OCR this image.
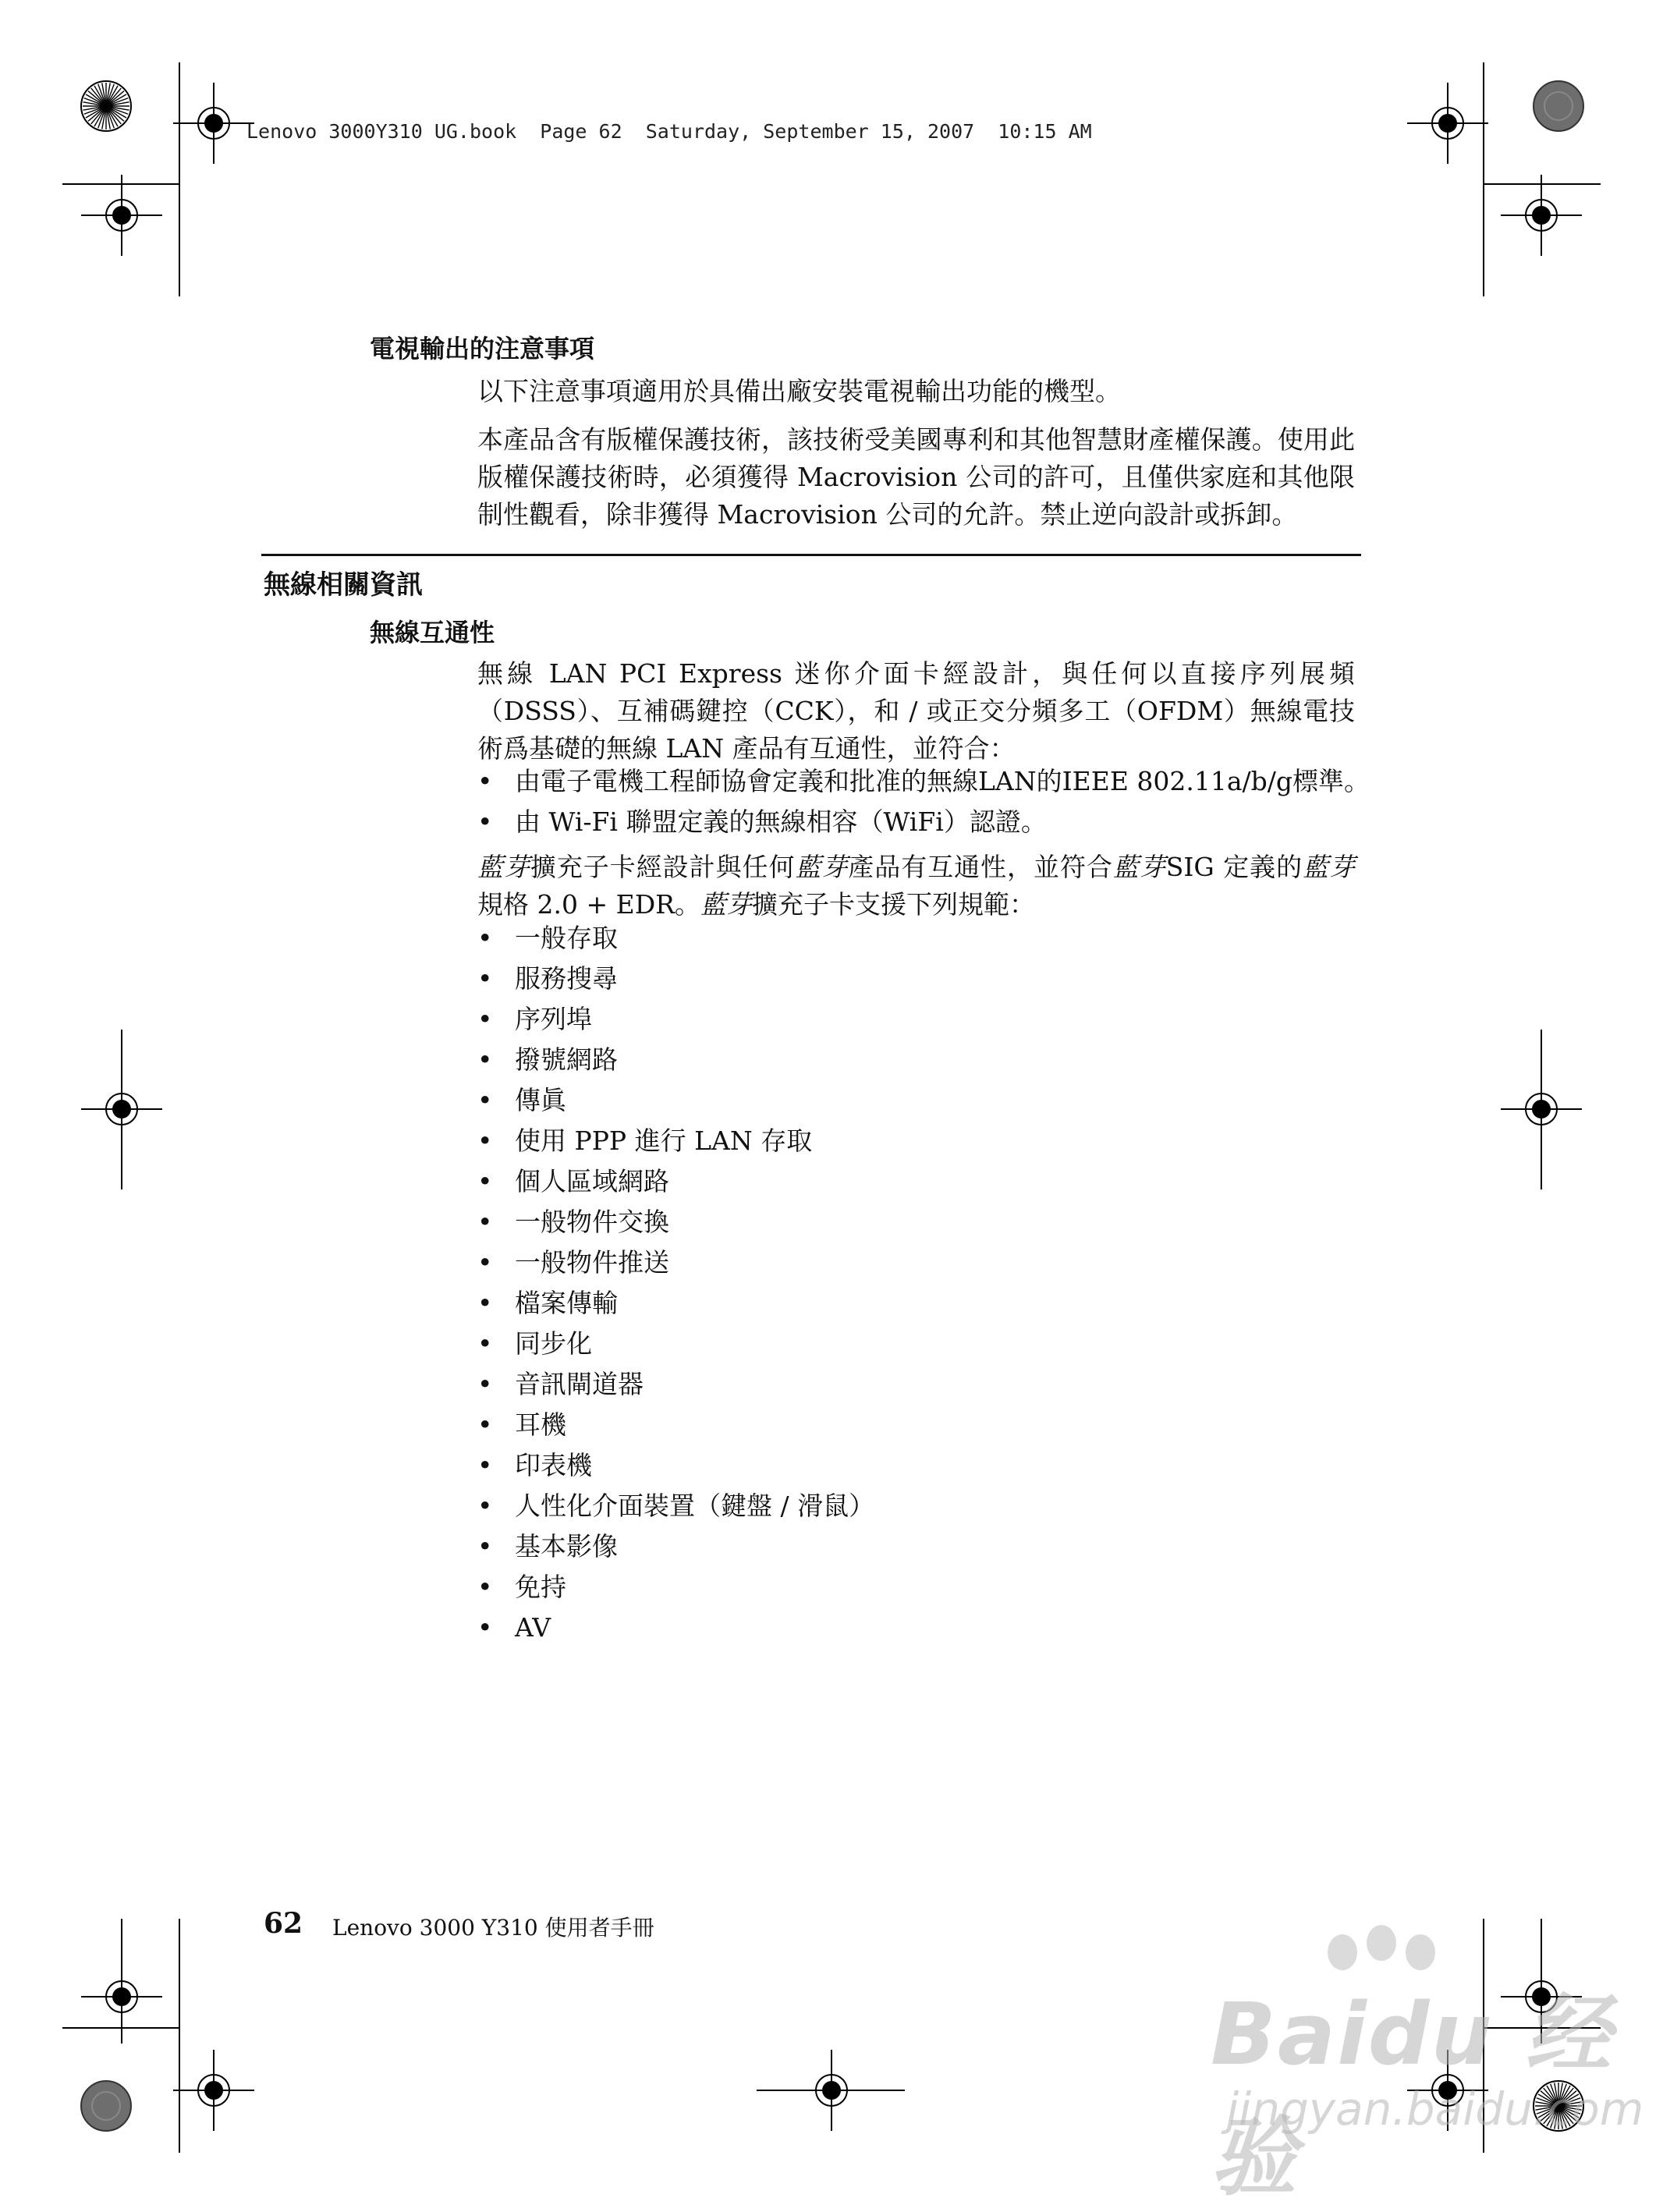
Lenovo 3000Y310 UG.book  Page 62  Saturday, September 15, 2007  10:15 AM
電視輸出的注意事項
以下注意事項適用於具備出廠安裝電視輸出功能的機型。
本產品含有版權保護技術，該技術受美國專利和其他智慧財產權保護。使用此版權保護技術時，必須獲得 Macrovision 公司的許可，且僅供家庭和其他限制性觀看，除非獲得 Macrovision 公司的允許。禁止逆向設計或拆卸。
無線相關資訊
無線互通性
無線 LAN PCI Express 迷你介面卡經設計，與任何以直接序列展頻（DSSS）、互補碼鍵控（CCK），和 / 或正交分頻多工（OFDM）無線電技術爲基礎的無線 LAN 產品有互通性，並符合：
• 由電子電機工程師協會定義和批准的無線LAN的IEEE 802.11a/b/g標準。
• 由 Wi-Fi 聯盟定義的無線相容（WiFi）認證。
藍芽擴充子卡經設計與任何藍芽產品有互通性，並符合藍芽SIG 定義的藍芽規格 2.0 + EDR。藍芽擴充子卡支援下列規範：
• 一般存取
• 服務搜尋
• 序列埠
• 撥號網路
• 傳眞
• 使用 PPP 進行 LAN 存取
• 個人區域網路
• 一般物件交換
• 一般物件推送
• 檔案傳輸
• 同步化
• 音訊閘道器
• 耳機
• 印表機
• 人性化介面裝置（鍵盤 / 滑鼠）
• 基本影像
• 免持
• AV
62 Lenovo 3000 Y310 使用者手冊
Baidu 经验
jingyan.baidu.com
